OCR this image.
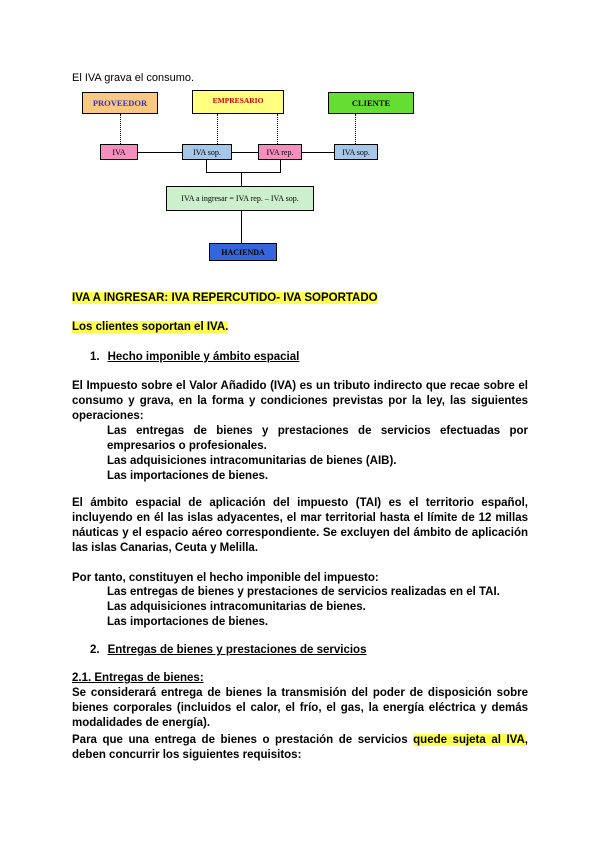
El IVA grava el consumo.
PROVEEDOR	EMPRESARIO	CLIENTE
IVA	IVA sop.	IVA rep.	IVA sop.
IVA a ingresar = IVA rep. – IVA sop.
HACIENDA
IVA A INGRESAR: IVA REPERCUTIDO- IVA SOPORTADO
Los clientes soportan el IVA.
1. Hecho imponible y ámbito espacial

El Impuesto sobre el Valor Añadido (IVA) es un tributo indirecto que recae sobre el consumo y grava, en la forma y condiciones previstas por la ley, las siguientes operaciones:

Las entregas de bienes y prestaciones de servicios efectuadas por empresarios o profesionales.

Las adquisiciones intracomunitarias de bienes (AIB).

Las importaciones de bienes.

El ámbito espacial de aplicación del impuesto (TAI) es el territorio español, incluyendo en él las islas adyacentes, el mar territorial hasta el límite de 12 millas náuticas y el espacio aéreo correspondiente. Se excluyen del ámbito de aplicación las islas Canarias, Ceuta y Melilla.

Por tanto, constituyen el hecho imponible del impuesto:

Las entregas de bienes y prestaciones de servicios realizadas en el TAI.

Las adquisiciones intracomunitarias de bienes.

Las importaciones de bienes.

2. Entregas de bienes y prestaciones de servicios
2.1. Entregas de bienes:

Se considerará entrega de bienes la transmisión del poder de disposición sobre bienes corporales (incluidos el calor, el frío, el gas, la energía eléctrica y demás modalidades de energía).

Para que una entrega de bienes o prestación de servicios quede sujeta al IVA, deben concurrir los siguientes requisitos:
